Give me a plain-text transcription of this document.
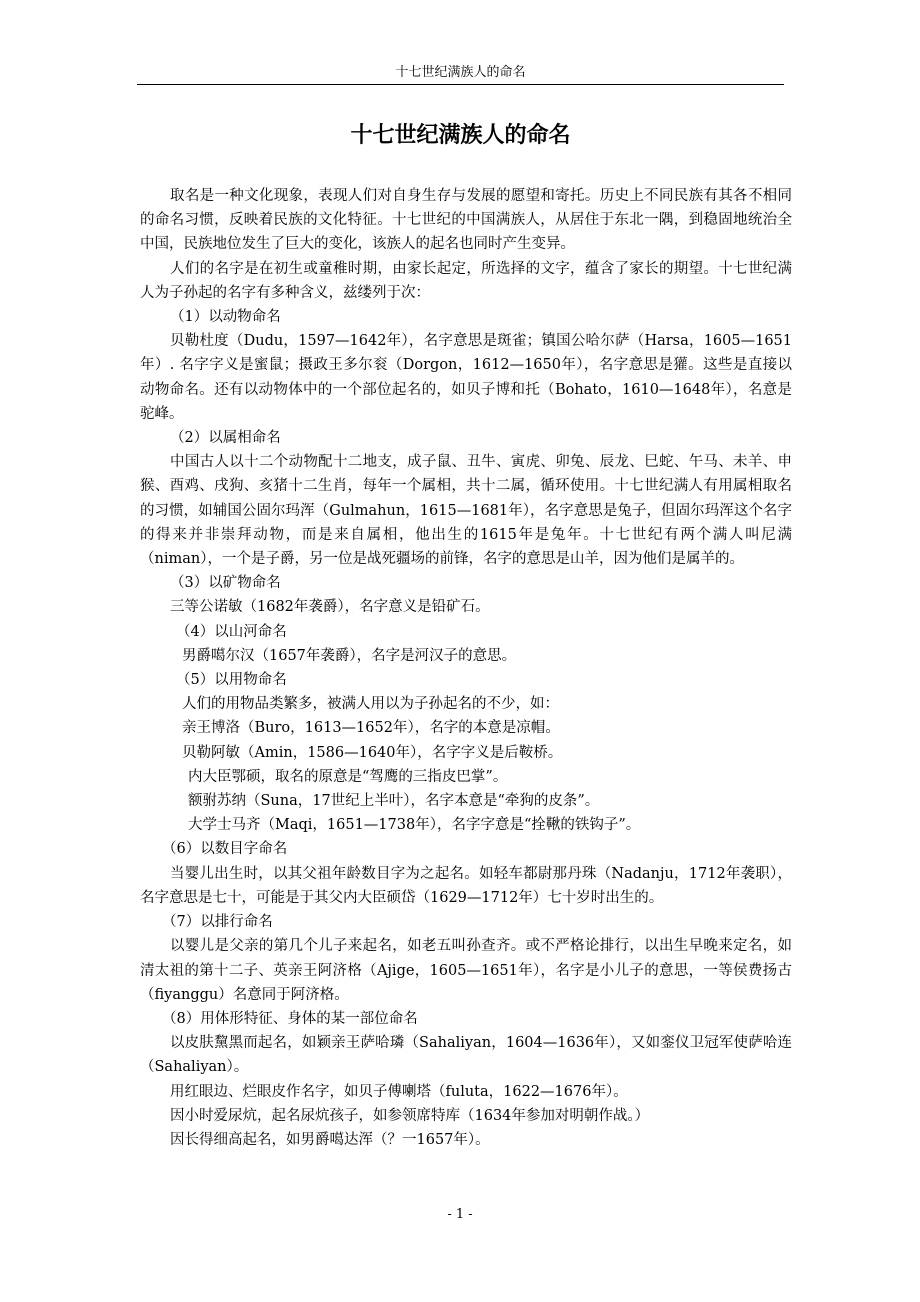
十七世纪满族人的命名
十七世纪满族人的命名

取名是一种文化现象，表现人们对自身生存与发展的愿望和寄托。历史上不同民族有其各不相同的命名习惯，反映着民族的文化特征。十七世纪的中国满族人，从居住于东北一隅，到稳固地统治全中国，民族地位发生了巨大的变化，该族人的起名也同时产生变异。

人们的名字是在初生或童稚时期，由家长起定，所选择的文字，蕴含了家长的期望。十七世纪满人为子孙起的名字有多种含义，兹缕列于次：

（1）以动物命名

贝勒杜度（Dudu，1597—1642年），名字意思是斑雀；镇国公哈尔萨（Harsa，1605—1651年）. 名字字义是蜜鼠；摄政王多尔衮（Dorgon，1612—1650年），名字意思是獾。这些是直接以动物命名。还有以动物体中的一个部位起名的，如贝子博和托（Bohato，1610—1648年），名意是驼峰。

（2）以属相命名

中国古人以十二个动物配十二地支，成子鼠、丑牛、寅虎、卯兔、辰龙、巳蛇、午马、未羊、申猴、酉鸡、戌狗、亥猪十二生肖，每年一个属相，共十二属，循环使用。十七世纪满人有用属相取名的习惯，如辅国公固尔玛浑（Gulmahun，1615—1681年），名字意思是兔子，但固尔玛浑这个名字的得来并非崇拜动物，而是来自属相，他出生的1615年是兔年。十七世纪有两个满人叫尼满（niman），一个是子爵，另一位是战死疆场的前锋，名字的意思是山羊，因为他们是属羊的。

（3）以矿物命名

三等公诺敏（1682年袭爵），名字意义是铅矿石。

（4）以山河命名

男爵噶尔汉（1657年袭爵），名字是河汉子的意思。

（5）以用物命名

人们的用物品类繁多，被满人用以为子孙起名的不少，如：

亲王博洛（Buro，1613—1652年），名字的本意是凉帽。

贝勒阿敏（Amin，1586—1640年），名字字义是后鞍桥。

内大臣鄂硕，取名的原意是“驾鹰的三指皮巴掌”。

额驸苏纳（Suna，17世纪上半叶），名字本意是“牵狗的皮条”。

大学士马齐（Maqi，1651—1738年），名字字意是“拴鞦的铁钩子”。

（6）以数目字命名

当婴儿出生时，以其父祖年龄数目字为之起名。如轻车都尉那丹珠（Nadanju，1712年袭职），名字意思是七十，可能是于其父内大臣硕岱（1629—1712年）七十岁时出生的。

（7）以排行命名

以婴儿是父亲的第几个儿子来起名，如老五叫孙查齐。或不严格论排行，以出生早晚来定名，如清太祖的第十二子、英亲王阿济格（Ajige，1605—1651年），名字是小儿子的意思，一等侯费扬古（fiyanggu）名意同于阿济格。

（8）用体形特征、身体的某一部位命名

以皮肤黧黑而起名，如颖亲王萨哈璘（Sahaliyan，1604—1636年），又如銮仪卫冠军使萨哈连（Sahaliyan）。

用红眼边、烂眼皮作名字，如贝子傅喇塔（fuluta，1622—1676年）。

因小时爱尿炕，起名尿炕孩子，如参领席特库（1634年参加对明朝作战。）

因长得细高起名，如男爵噶达浑（？一1657年）。

- 1 -
